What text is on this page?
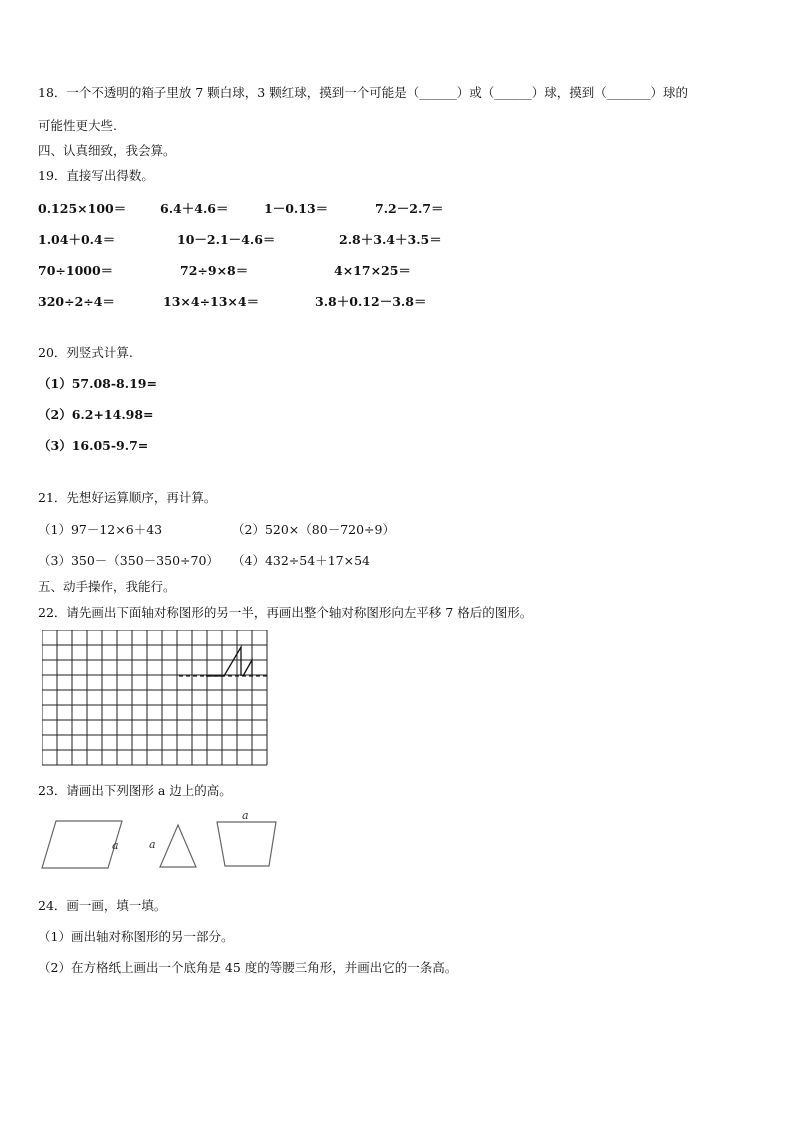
18．一个不透明的箱子里放 7 颗白球，3 颗红球，摸到一个可能是（______）或（______）球，摸到（_______）球的
可能性更大些.
四、认真细致，我会算。
19．直接写出得数。
0.125×100＝	6.4＋4.6＝	1－0.13＝	7.2－2.7＝
1.04＋0.4＝	10－2.1－4.6＝	2.8＋3.4＋3.5＝
70÷1000＝	72÷9×8＝	4×17×25＝
320÷2÷4＝	13×4÷13×4＝	3.8＋0.12－3.8＝
20．列竖式计算.
（1）57.08-8.19=
（2）6.2+14.98=
（3）16.05-9.7=
21．先想好运算顺序，再计算。
（1）97－12×6＋43	（2）520×（80－720÷9）
（3）350－（350－350÷70） （4）432÷54＋17×54
五、动手操作，我能行。
22．请先画出下面轴对称图形的另一半，再画出整个轴对称图形向左平移 7 格后的图形。
23．请画出下列图形 a 边上的高。
a	a
a
24．画一画，填一填。
（1）画出轴对称图形的另一部分。
（2）在方格纸上画出一个底角是 45 度的等腰三角形，并画出它的一条高。
